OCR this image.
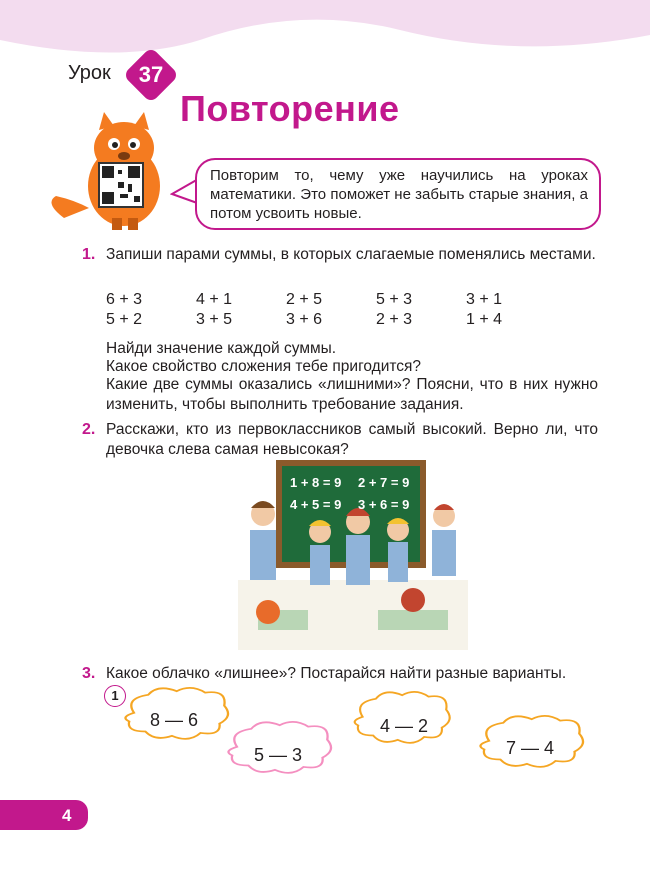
Урок	37
Повторение
Повторим то, чему уже научились на уроках математики. Это поможет не забыть старые знания, а потом усвоить новые.
1. Запиши парами суммы, в которых слагаемые поменялись местами.
6 + 3	4 + 1	2 + 5	5 + 3	3 + 1
5 + 2	3 + 5	3 + 6	2 + 3	1 + 4
Найди значение каждой суммы.
Какое свойство сложения тебе пригодится?
Какие две суммы оказались «лишними»? Поясни, что в них нужно изменить, чтобы выполнить требование задания.
2. Расскажи, кто из первоклассников самый высокий. Верно ли, что девочка слева самая невысокая?
1 + 8 = 9 2 + 7 = 9
4 + 5 = 9 3 + 6 = 9
3. Какое облачко «лишнее»? Постарайся найти разные варианты.
1
8 — 6
5 — 3
4 — 2
7 — 4
4
